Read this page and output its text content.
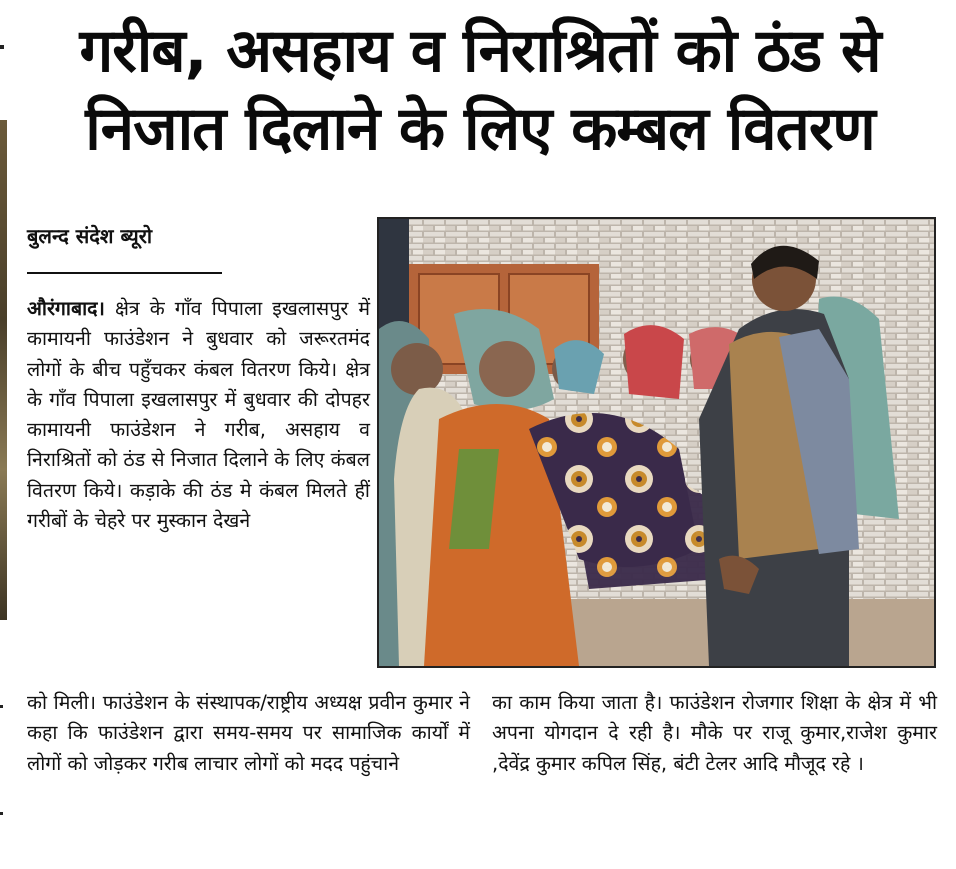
गरीब, असहाय व निराश्रितों को ठंड से
निजात दिलाने के लिए कम्बल वितरण
बुलन्द संदेश ब्यूरो
औरंगाबाद। क्षेत्र के गाँव पिपाला इखलासपुर में कामायनी फाउंडेशन ने बुधवार को जरूरतमंद लोगों के बीच पहुँचकर कंबल वितरण किये। क्षेत्र के गाँव पिपाला इखलासपुर में बुधवार की दोपहर कामायनी फाउंडेशन ने गरीब, असहाय व निराश्रितों को ठंड से निजात दिलाने के लिए कंबल वितरण किये। कड़ाके की ठंड मे कंबल मिलते हीं गरीबों के चेहरे पर मुस्कान देखने
को मिली। फाउंडेशन के संस्थापक/राष्ट्रीय अध्यक्ष प्रवीन कुमार ने कहा कि फाउंडेशन द्वारा समय-समय पर सामाजिक कार्यों में लोगों को जोड़कर गरीब लाचार लोगों को मदद पहुंचाने
का काम किया जाता है। फाउंडेशन रोजगार शिक्षा के क्षेत्र में भी अपना योगदान दे रही है। मौके पर राजू कुमार,राजेश कुमार ,देवेंद्र कुमार कपिल सिंह, बंटी टेलर आदि मौजूद रहे ।
